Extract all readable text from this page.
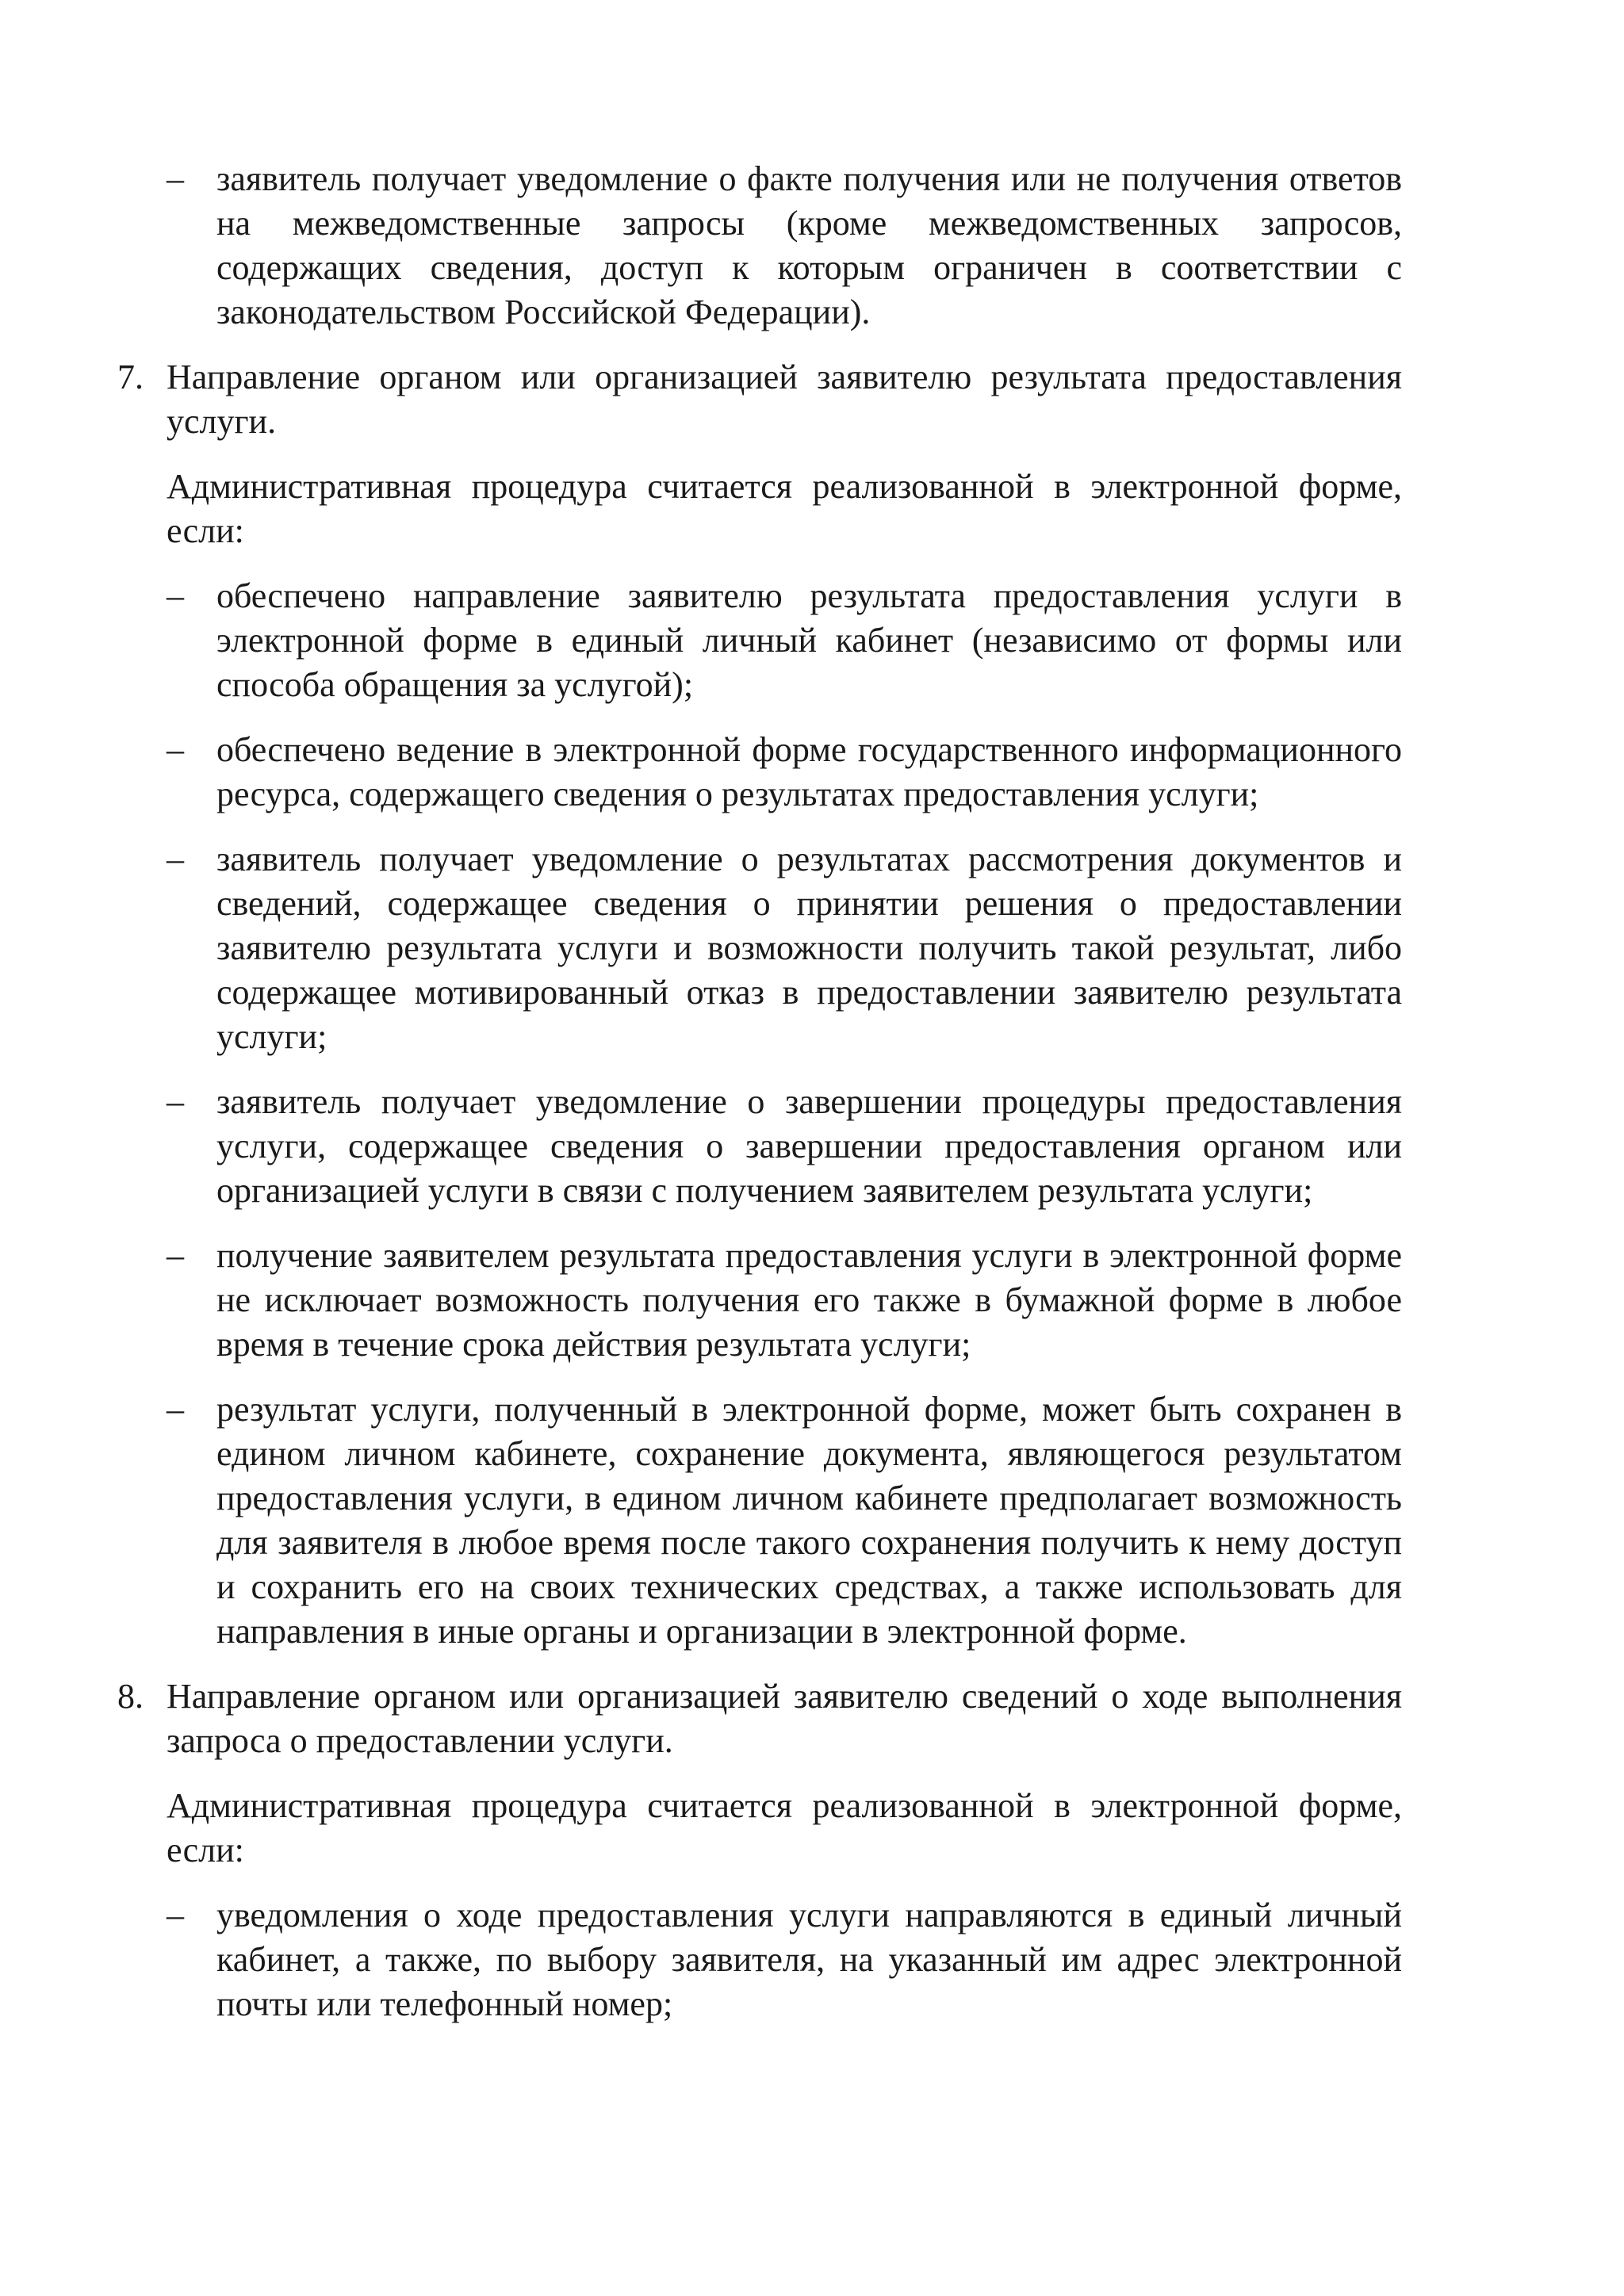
– заявитель получает уведомление о факте получения или не получения ответов на межведомственные запросы (кроме межведомственных запросов, содержащих сведения, доступ к которым ограничен в соответствии с законодательством Российской Федерации).
7. Направление органом или организацией заявителю результата предоставления услуги.
Административная процедура считается реализованной в электронной форме, если:
– обеспечено направление заявителю результата предоставления услуги в электронной форме в единый личный кабинет (независимо от формы или способа обращения за услугой);
– обеспечено ведение в электронной форме государственного информационного ресурса, содержащего сведения о результатах предоставления услуги;
– заявитель получает уведомление о результатах рассмотрения документов и сведений, содержащее сведения о принятии решения о предоставлении заявителю результата услуги и возможности получить такой результат, либо содержащее мотивированный отказ в предоставлении заявителю результата услуги;
– заявитель получает уведомление о завершении процедуры предоставления услуги, содержащее сведения о завершении предоставления органом или организацией услуги в связи с получением заявителем результата услуги;
– получение заявителем результата предоставления услуги в электронной форме не исключает возможность получения его также в бумажной форме в любое время в течение срока действия результата услуги;
– результат услуги, полученный в электронной форме, может быть сохранен в едином личном кабинете, сохранение документа, являющегося результатом предоставления услуги, в едином личном кабинете предполагает возможность для заявителя в любое время после такого сохранения получить к нему доступ и сохранить его на своих технических средствах, а также использовать для направления в иные органы и организации в электронной форме.
8. Направление органом или организацией заявителю сведений о ходе выполнения запроса о предоставлении услуги.
Административная процедура считается реализованной в электронной форме, если:
– уведомления о ходе предоставления услуги направляются в единый личный кабинет, а также, по выбору заявителя, на указанный им адрес электронной почты или телефонный номер;
